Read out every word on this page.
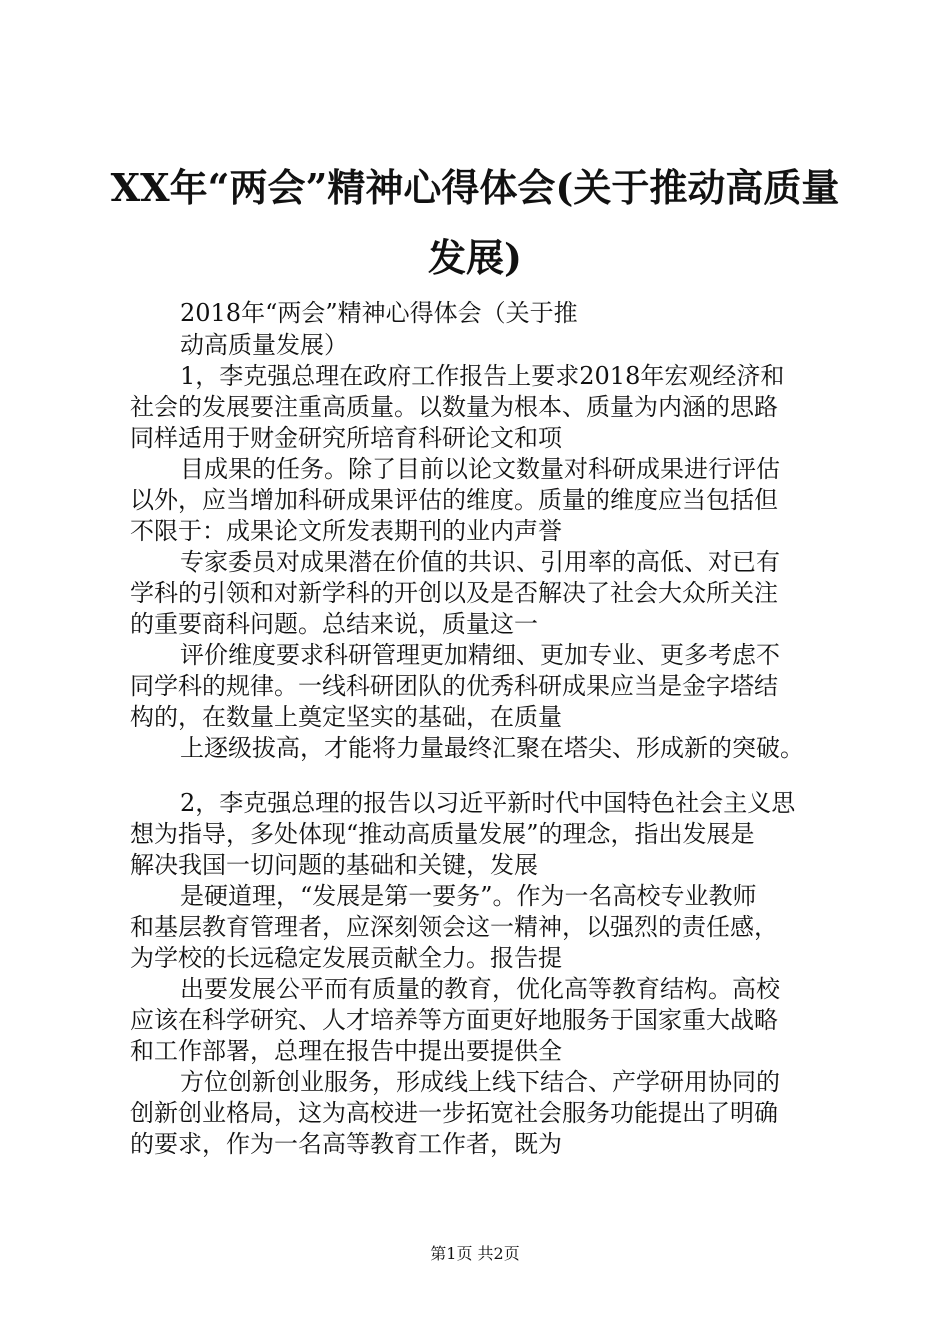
XX年“两会”精神心得体会(关于推动高质量
发展)
2018年“两会”精神心得体会（关于推
动高质量发展）
1，李克强总理在政府工作报告上要求2018年宏观经济和
社会的发展要注重高质量。以数量为根本、质量为内涵的思路
同样适用于财金研究所培育科研论文和项
目成果的任务。除了目前以论文数量对科研成果进行评估
以外，应当增加科研成果评估的维度。质量的维度应当包括但
不限于：成果论文所发表期刊的业内声誉
专家委员对成果潜在价值的共识、引用率的高低、对已有
学科的引领和对新学科的开创以及是否解决了社会大众所关注
的重要商科问题。总结来说，质量这一
评价维度要求科研管理更加精细、更加专业、更多考虑不
同学科的规律。一线科研团队的优秀科研成果应当是金字塔结
构的，在数量上奠定坚实的基础，在质量
上逐级拔高，才能将力量最终汇聚在塔尖、形成新的突破。
2，李克强总理的报告以习近平新时代中国特色社会主义思
想为指导，多处体现“推动高质量发展”的理念，指出发展是
解决我国一切问题的基础和关键，发展
是硬道理，“发展是第一要务”。作为一名高校专业教师
和基层教育管理者，应深刻领会这一精神，以强烈的责任感，
为学校的长远稳定发展贡献全力。报告提
出要发展公平而有质量的教育，优化高等教育结构。高校
应该在科学研究、人才培养等方面更好地服务于国家重大战略
和工作部署，总理在报告中提出要提供全
方位创新创业服务，形成线上线下结合、产学研用协同的
创新创业格局，这为高校进一步拓宽社会服务功能提出了明确
的要求，作为一名高等教育工作者，既为
第1页 共2页
